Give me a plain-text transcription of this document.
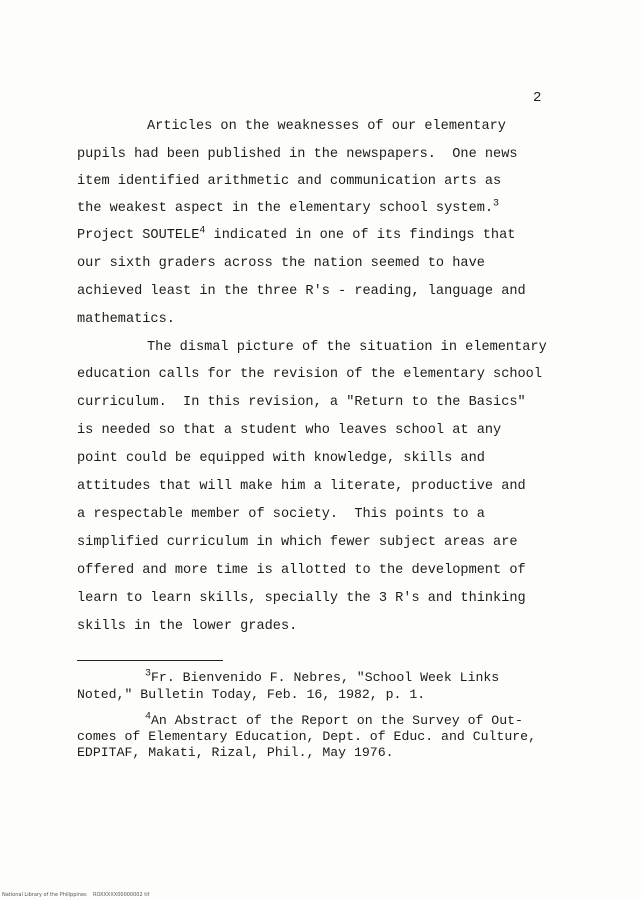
2
Articles on the weaknesses of our elementary
pupils had been published in the newspapers.  One news
item identified arithmetic and communication arts as
the weakest aspect in the elementary school system.$^3$
Project SOUTELE$^4$ indicated in one of its findings that
our sixth graders across the nation seemed to have
achieved least in the three R's - reading, language and
mathematics.
The dismal picture of the situation in elementary
education calls for the revision of the elementary school
curriculum.  In this revision, a "Return to the Basics"
is needed so that a student who leaves school at any
point could be equipped with knowledge, skills and
attitudes that will make him a literate, productive and
a respectable member of society.  This points to a
simplified curriculum in which fewer subject areas are
offered and more time is allotted to the development of
learn to learn skills, specially the 3 R's and thinking
skills in the lower grades.
$^3$Fr. Bienvenido F. Nebres, "School Week Links
Noted," Bulletin Today, Feb. 16, 1982, p. 1.
$^4$An Abstract of the Report on the Survey of Out-
comes of Elementary Education, Dept. of Educ. and Culture,
EDPITAF, Makati, Rizal, Phil., May 1976.
National Library of the Philippines    ROXXXXX00000002 tif
